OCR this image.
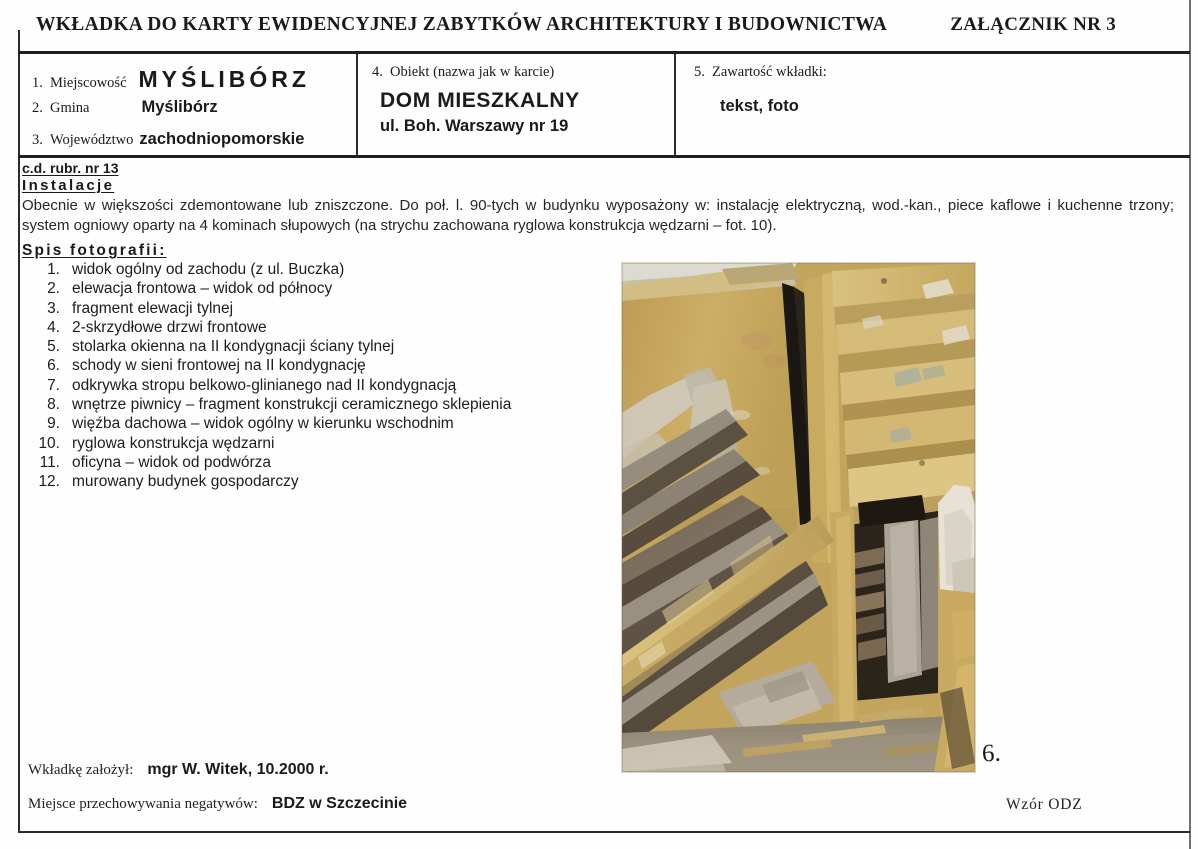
WKŁADKA DO KARTY EWIDENCYJNEJ ZABYTKÓW ARCHITEKTURY I BUDOWNICTWA	ZAŁĄCZNIK NR 3
1. Miejscowość MYŚLIBÓRZ
2. Gmina	Myślibórz
3. Województwo zachodniopomorskie
4. Obiekt (nazwa jak w karcie)
DOM MIESZKALNY
ul. Boh. Warszawy nr 19
5. Zawartość wkładki:
tekst, foto
c.d. rubr. nr 13
Instalacje
Obecnie w większości zdemontowane lub zniszczone. Do poł. l. 90-tych w budynku wyposażony w: instalację elektryczną, wod.-kan., piece kaflowe i kuchenne trzony; system ogniowy oparty na 4 kominach słupowych (na strychu zachowana ryglowa konstrukcja wędzarni – fot. 10).
Spis fotografii:
1. widok ogólny od zachodu (z ul. Buczka)
2. elewacja frontowa – widok od północy
3. fragment elewacji tylnej
4. 2-skrzydłowe drzwi frontowe
5. stolarka okienna na II kondygnacji ściany tylnej
6. schody w sieni frontowej na II kondygnację
7. odkrywka stropu belkowo-glinianego nad II kondygnacją
8. wnętrze piwnicy – fragment konstrukcji ceramicznego sklepienia
9. więźba dachowa – widok ogólny w kierunku wschodnim
10. ryglowa konstrukcja wędzarni
11. oficyna – widok od podwórza
12. murowany budynek gospodarczy
6.
Wkładkę założył: mgr W. Witek, 10.2000 r.
Miejsce przechowywania negatywów: BDZ w Szczecinie	Wzór ODZ
